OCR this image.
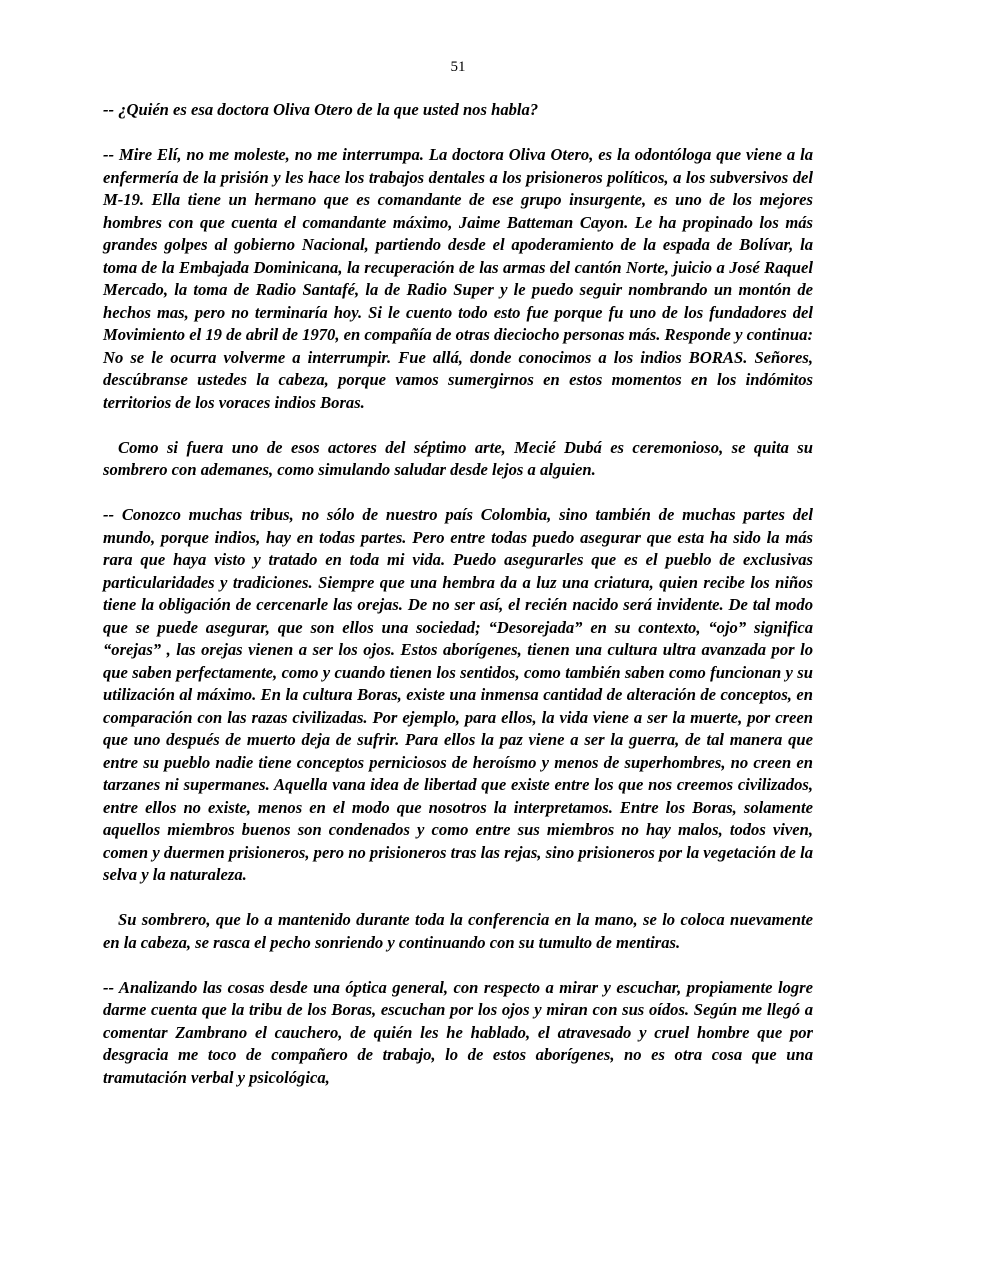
51

-- ¿Quién es esa doctora Oliva Otero de la que usted nos habla?

-- Mire Elí, no me moleste, no me interrumpa. La doctora Oliva Otero, es la odontóloga que viene a la enfermería de la prisión y les hace los trabajos dentales a los prisioneros políticos, a los subversivos del M-19. Ella tiene un hermano que es comandante de ese grupo insurgente, es uno de los mejores hombres con que cuenta el comandante máximo, Jaime Batteman Cayon. Le ha propinado los más grandes golpes al gobierno Nacional, partiendo desde el apoderamiento de la espada de Bolívar, la toma de la Embajada Dominicana, la recuperación de las armas del cantón Norte, juicio a José Raquel Mercado, la toma de Radio Santafé, la de Radio Super y le puedo seguir nombrando un montón de hechos mas, pero no terminaría hoy. Si le cuento todo esto fue porque fu uno de los fundadores del Movimiento el 19 de abril de 1970, en compañía de otras dieciocho personas más. Responde y continua: No se le ocurra volverme a interrumpir. Fue allá, donde conocimos a los indios BORAS. Señores, descúbranse ustedes la cabeza, porque vamos sumergirnos en estos momentos en los indómitos territorios de los voraces indios Boras.

Como si fuera uno de esos actores del séptimo arte, Mecié Dubá es ceremonioso, se quita su sombrero con ademanes, como simulando saludar desde lejos a alguien.

-- Conozco muchas tribus, no sólo de nuestro país Colombia, sino también de muchas partes del mundo, porque indios, hay en todas partes. Pero entre todas puedo asegurar que esta ha sido la más rara que haya visto y tratado en toda mi vida. Puedo asegurarles que es el pueblo de exclusivas particularidades y tradiciones. Siempre que una hembra da a luz una criatura, quien recibe los niños tiene la obligación de cercenarle las orejas. De no ser así, el recién nacido será invidente. De tal modo que se puede asegurar, que son ellos una sociedad; “Desorejada” en su contexto, “ojo” significa “orejas” , las orejas vienen a ser los ojos. Estos aborígenes, tienen una cultura ultra avanzada por lo que saben perfectamente, como y cuando tienen los sentidos, como también saben como funcionan y su utilización al máximo. En la cultura Boras, existe una inmensa cantidad de alteración de conceptos, en comparación con las razas civilizadas. Por ejemplo, para ellos, la vida viene a ser la muerte, por creen que uno después de muerto deja de sufrir. Para ellos la paz viene a ser la guerra, de tal manera que entre su pueblo nadie tiene conceptos perniciosos de heroísmo y menos de superhombres, no creen en tarzanes ni supermanes. Aquella vana idea de libertad que existe entre los que nos creemos civilizados, entre ellos no existe, menos en el modo que nosotros la interpretamos. Entre los Boras, solamente aquellos miembros buenos son condenados y como entre sus miembros no hay malos, todos viven, comen y duermen prisioneros, pero no prisioneros tras las rejas, sino prisioneros por la vegetación de la selva y la naturaleza.

Su sombrero, que lo a mantenido durante toda la conferencia en la mano, se lo coloca nuevamente en la cabeza, se rasca el pecho sonriendo y continuando con su tumulto de mentiras.

-- Analizando las cosas desde una óptica general, con respecto a mirar y escuchar, propiamente logre darme cuenta que la tribu de los Boras, escuchan por los ojos y miran con sus oídos. Según me llegó a comentar Zambrano el cauchero, de quién les he hablado, el atravesado y cruel hombre que por desgracia me toco de compañero de trabajo, lo de estos aborígenes, no es otra cosa que una tramutación verbal y psicológica,
